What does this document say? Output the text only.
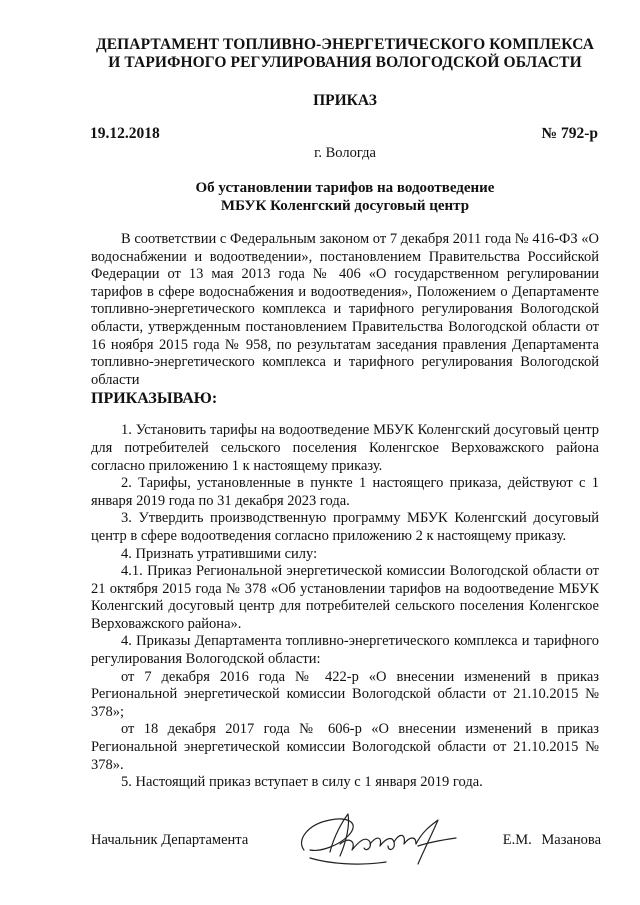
ДЕПАРТАМЕНТ ТОПЛИВНО-ЭНЕРГЕТИЧЕСКОГО КОМПЛЕКСА
И ТАРИФНОГО РЕГУЛИРОВАНИЯ ВОЛОГОДСКОЙ ОБЛАСТИ
ПРИКАЗ
19.12.2018	№ 792-р
г. Вологда
Об установлении тарифов на водоотведение
МБУК Коленгский досуговый центр

В соответствии с Федеральным законом от 7 декабря 2011 года № 416-ФЗ «О водоснабжении и водоотведении», постановлением Правительства Российской Федерации от 13 мая 2013 года № 406 «О государственном регулировании тарифов в сфере водоснабжения и водоотведения», Положением о Департаменте топливно-энергетического комплекса и тарифного регулирования Вологодской области, утвержденным постановлением Правительства Вологодской области от 16 ноября 2015 года № 958, по результатам заседания правления Департамента топливно-энергетического комплекса и тарифного регулирования Вологодской области

ПРИКАЗЫВАЮ:

1. Установить тарифы на водоотведение МБУК Коленгский досуговый центр для потребителей сельского поселения Коленгское Верховажского района согласно приложению 1 к настоящему приказу.

2. Тарифы, установленные в пункте 1 настоящего приказа, действуют с 1 января 2019 года по 31 декабря 2023 года.

3. Утвердить производственную программу МБУК Коленгский досуговый центр в сфере водоотведения согласно приложению 2 к настоящему приказу.

4. Признать утратившими силу:

4.1. Приказ Региональной энергетической комиссии Вологодской области от 21 октября 2015 года № 378 «Об установлении тарифов на водоотведение МБУК Коленгский досуговый центр для потребителей сельского поселения Коленгское Верховажского района».

4. Приказы Департамента топливно-энергетического комплекса и тарифного регулирования Вологодской области:

от 7 декабря 2016 года № 422-р «О внесении изменений в приказ Региональной энергетической комиссии Вологодской области от 21.10.2015 № 378»;

от 18 декабря 2017 года № 606-р «О внесении изменений в приказ Региональной энергетической комиссии Вологодской области от 21.10.2015 № 378».

5. Настоящий приказ вступает в силу с 1 января 2019 года.

Начальник Департамента	Е.М. Мазанова
